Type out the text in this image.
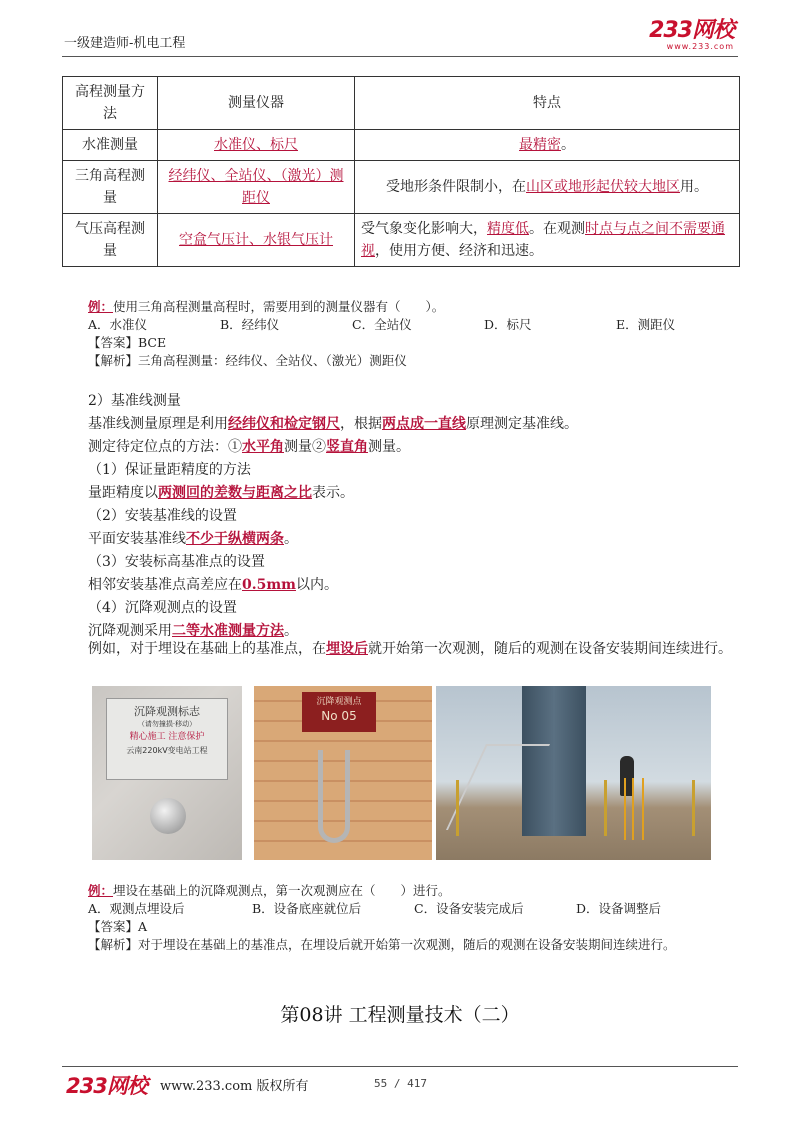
一级建造师-机电工程
233网校
www.233.com
高程测量方法	测量仪器	特点
水准测量	水准仪、标尺	最精密。
三角高程测量	经纬仪、全站仪、（激光）测距仪	受地形条件限制小，在山区或地形起伏较大地区用。
气压高程测量	空盒气压计、水银气压计	受气象变化影响大，精度低。在观测时点与点之间不需要通视，使用方便、经济和迅速。
例：使用三角高程测量高程时，需要用到的测量仪器有（　　）。
A．水准仪	B．经纬仪	C．全站仪	D．标尺	E．测距仪
【答案】BCE
【解析】三角高程测量：经纬仪、全站仪、（激光）测距仪

2）基准线测量

基准线测量原理是利用经纬仪和检定钢尺，根据两点成一直线原理测定基准线。

测定待定位点的方法：①水平角测量②竖直角测量。

（1）保证量距精度的方法

量距精度以两测回的差数与距离之比表示。

（2）安装基准线的设置

平面安装基准线不少于纵横两条。

（3）安装标高基准点的设置

相邻安装基准点高差应在0.5mm以内。

（4）沉降观测点的设置

沉降观测采用二等水准测量方法。

例如，对于埋设在基础上的基准点，在埋设后就开始第一次观测，随后的观测在设备安装期间连续进行。
沉降观测标志
（请勿撞损·移动）
精心施工 注意保护
云南220kV变电站工程
沉降观测点
No 05
例：埋设在基础上的沉降观测点，第一次观测应在（　　）进行。
A．观测点埋设后	B．设备底座就位后	C．设备安装完成后	D．设备调整后
【答案】A
【解析】对于埋设在基础上的基准点，在埋设后就开始第一次观测，随后的观测在设备安装期间连续进行。
第08讲 工程测量技术（二）
233网校 www.233.com 版权所有	55 / 417
